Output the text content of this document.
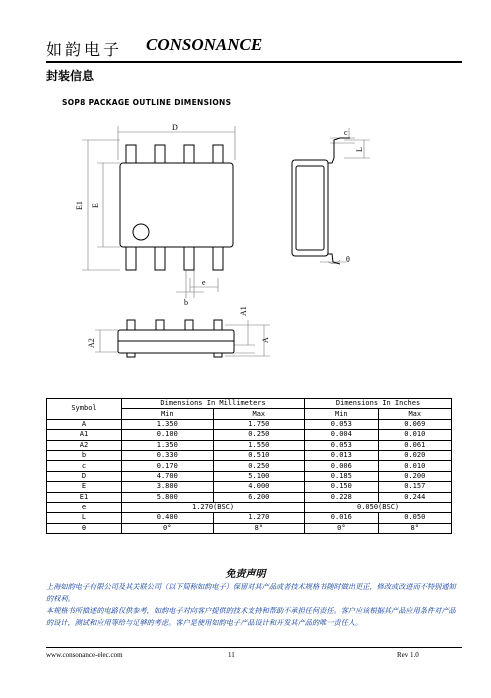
如韵电子 CONSONANCE
封装信息
SOP8 PACKAGE OUTLINE DIMENSIONS
D
E1 E
b
e
c
L
θ
A1
A2	A
Symbol	Dimensions In Millimeters		Dimensions In Inches	
	Min	Max	Min	Max
A	1.350	1.750	0.053	0.069
A1	0.100	0.250	0.004	0.010
A2	1.350	1.550	0.053	0.061
b	0.330	0.510	0.013	0.020
c	0.170	0.250	0.006	0.010
D	4.700	5.100	0.185	0.200
E	3.800	4.000	0.150	0.157
E1	5.800	6.200	0.228	0.244
e	1.270(BSC)		0.050(BSC)	
L	0.400	1.270	0.016	0.050
θ	0°	8°	0°	8°
免责声明

上海如韵电子有限公司及其关联公司（以下简称如韵电子）保留对其产品或者技术规格书随时做出更正，修改或改进而不特别通知的权利。

本规格书所描述的电路仅供参考，如韵电子对向客户提供的技术支持和帮助不承担任何责任。客户应该根据其产品应用条件对产品的设计，测试和应用等给与足够的考虑。客户是使用如韵电子产品设计和开发其产品的唯一责任人。

www.consonance-elec.com	11	Rev 1.0
